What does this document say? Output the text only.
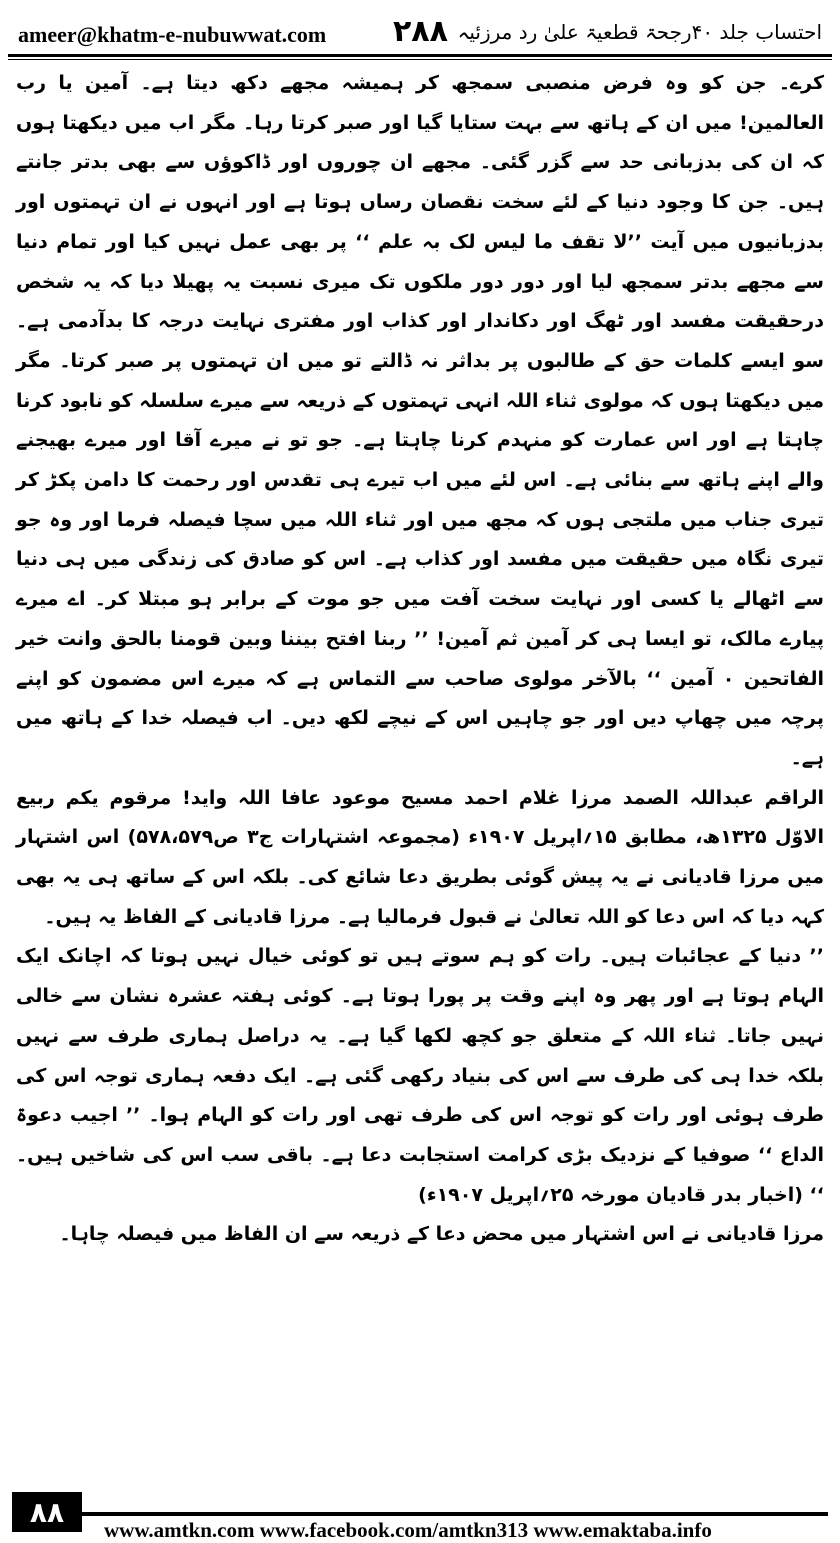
ameer@khatm-e-nubuwwat.com ۲۸۸ احتساب جلد ۴۰رجحۃ قطعیۃ علیٰ رد مرزئیہ

کرے۔ جن کو وہ فرض منصبی سمجھ کر ہمیشہ مجھے دکھ دیتا ہے۔ آمین یا رب العالمین! میں ان کے ہاتھ سے بہت ستایا گیا اور صبر کرتا رہا۔ مگر اب میں دیکھتا ہوں کہ ان کی بدزبانی حد سے گزر گئی۔ مجھے ان چوروں اور ڈاکوؤں سے بھی بدتر جانتے ہیں۔ جن کا وجود دنیا کے لئے سخت نقصان رساں ہوتا ہے اور انہوں نے ان تہمتوں اور بدزبانیوں میں آیت ’’لا تقف ما لیس لک بہ علم ‘‘ پر بھی عمل نہیں کیا اور تمام دنیا سے مجھے بدتر سمجھ لیا اور دور دور ملکوں تک میری نسبت یہ پھیلا دیا کہ یہ شخص درحقیقت مفسد اور ٹھگ اور دکاندار اور کذاب اور مفتری نہایت درجہ کا بدآدمی ہے۔ سو ایسے کلمات حق کے طالبوں پر بداثر نہ ڈالتے تو میں ان تہمتوں پر صبر کرتا۔ مگر میں دیکھتا ہوں کہ مولوی ثناء اللہ انہی تہمتوں کے ذریعہ سے میرے سلسلہ کو نابود کرنا چاہتا ہے اور اس عمارت کو منہدم کرنا چاہتا ہے۔ جو تو نے میرے آقا اور میرے بھیجنے والے اپنے ہاتھ سے بنائی ہے۔ اس لئے میں اب تیرے ہی تقدس اور رحمت کا دامن پکڑ کر تیری جناب میں ملتجی ہوں کہ مجھ میں اور ثناء اللہ میں سچا فیصلہ فرما اور وہ جو تیری نگاہ میں حقیقت میں مفسد اور کذاب ہے۔ اس کو صادق کی زندگی میں ہی دنیا سے اٹھالے یا کسی اور نہایت سخت آفت میں جو موت کے برابر ہو مبتلا کر۔ اے میرے پیارے مالک، تو ایسا ہی کر آمین ثم آمین! ’’ ربنا افتح بیننا وبین قومنا بالحق وانت خیر الفاتحین ۰ آمین ‘‘ بالآخر مولوی صاحب سے التماس ہے کہ میرے اس مضمون کو اپنے پرچہ میں چھاپ دیں اور جو چاہیں اس کے نیچے لکھ دیں۔ اب فیصلہ خدا کے ہاتھ میں ہے۔

الراقم عبداللہ الصمد مرزا غلام احمد مسیح موعود عافا اللہ واید! مرقوم یکم ربیع الاوّل ۱۳۲۵ھ، مطابق ۱۵؍اپریل ۱۹۰۷ء (مجموعہ اشتہارات ج۳ ص۵۷۸،۵۷۹) اس اشتہار میں مرزا قادیانی نے یہ پیش گوئی بطریق دعا شائع کی۔ بلکہ اس کے ساتھ ہی یہ بھی کہہ دیا کہ اس دعا کو اللہ تعالیٰ نے قبول فرمالیا ہے۔ مرزا قادیانی کے الفاظ یہ ہیں۔

’’ دنیا کے عجائبات ہیں۔ رات کو ہم سوتے ہیں تو کوئی خیال نہیں ہوتا کہ اچانک ایک الہام ہوتا ہے اور پھر وہ اپنے وقت پر پورا ہوتا ہے۔ کوئی ہفتہ عشرہ نشان سے خالی نہیں جاتا۔ ثناء اللہ کے متعلق جو کچھ لکھا گیا ہے۔ یہ دراصل ہماری طرف سے نہیں بلکہ خدا ہی کی طرف سے اس کی بنیاد رکھی گئی ہے۔ ایک دفعہ ہماری توجہ اس کی طرف ہوئی اور رات کو توجہ اس کی طرف تھی اور رات کو الہام ہوا۔ ’’ اجیب دعوۃ الداع ‘‘ صوفیا کے نزدیک بڑی کرامت استجابت دعا ہے۔ باقی سب اس کی شاخیں ہیں۔ ‘‘ (اخبار بدر قادیان مورخہ ۲۵؍اپریل ۱۹۰۷ء)

مرزا قادیانی نے اس اشتہار میں محض دعا کے ذریعہ سے ان الفاظ میں فیصلہ چاہا۔

۸۸
www.amtkn.com www.facebook.com/amtkn313 www.emaktaba.info
